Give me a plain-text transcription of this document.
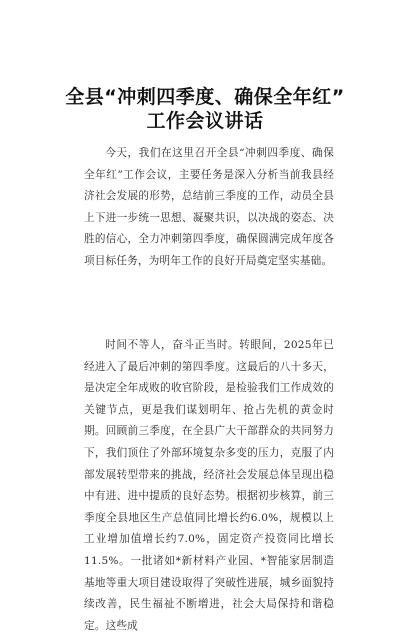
全县“冲刺四季度、确保全年红”
工作会议讲话
今天，我们在这里召开全县“冲刺四季度、确保全年红”工作会议，主要任务是深入分析当前我县经济社会发展的形势，总结前三季度的工作，动员全县上下进一步统一思想、凝聚共识，以决战的姿态、决胜的信心，全力冲刺第四季度，确保圆满完成年度各项目标任务，为明年工作的良好开局奠定坚实基础。
时间不等人，奋斗正当时。转眼间，2025年已经进入了最后冲刺的第四季度。这最后的八十多天，是决定全年成败的收官阶段，是检验我们工作成效的关键节点，更是我们谋划明年、抢占先机的黄金时期。回顾前三季度，在全县广大干部群众的共同努力下，我们顶住了外部环境复杂多变的压力，克服了内部发展转型带来的挑战，经济社会发展总体呈现出稳中有进、进中提质的良好态势。根据初步核算，前三季度全县地区生产总值同比增长约6.0%，规模以上工业增加值增长约7.0%，固定资产投资同比增长11.5%。一批诸如*新材料产业园、*智能家居制造基地等重大项目建设取得了突破性进展，城乡面貌持续改善，民生福祉不断增进，社会大局保持和谐稳定。这些成
